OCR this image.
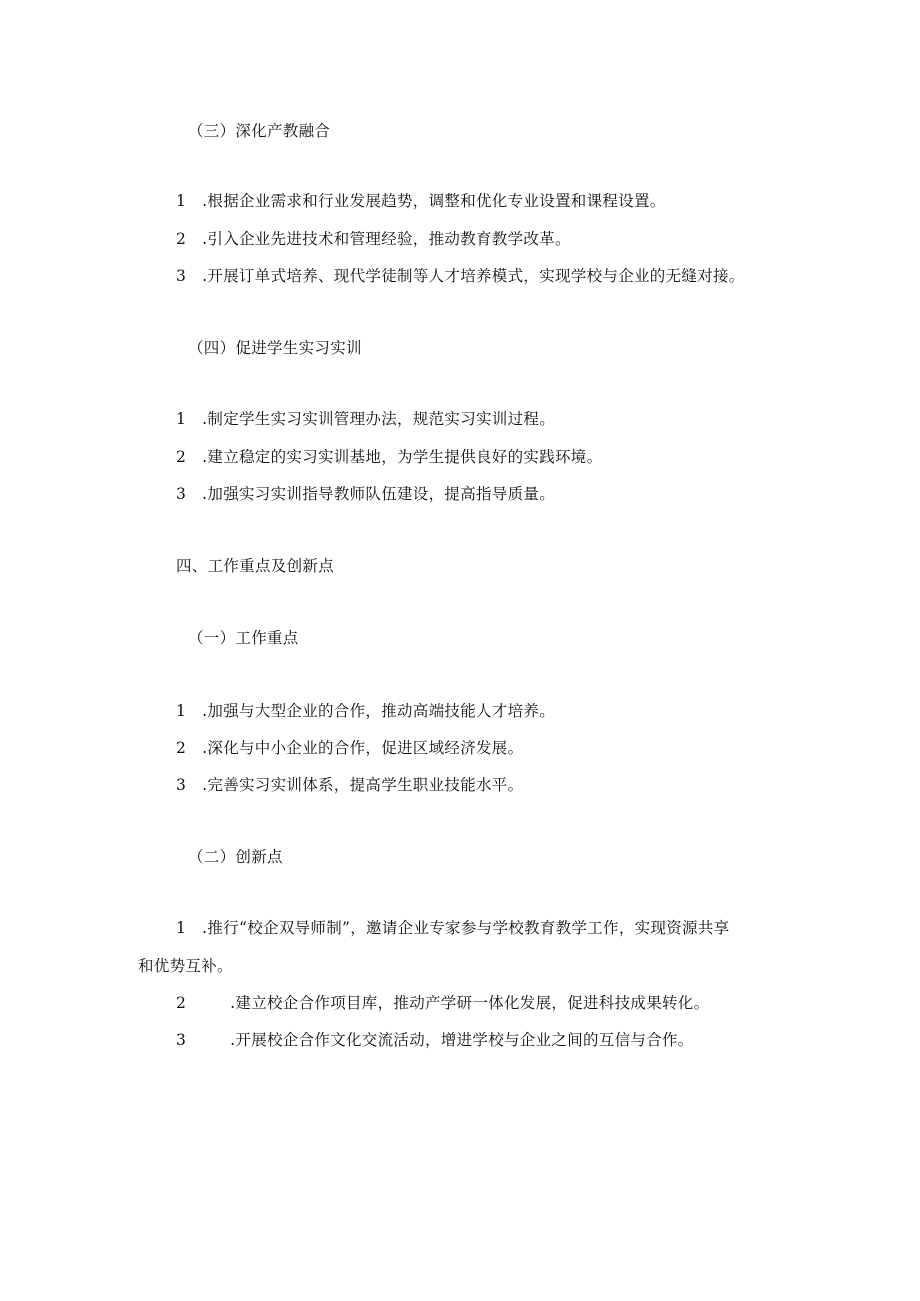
（三）深化产教融合
1 .根据企业需求和行业发展趋势，调整和优化专业设置和课程设置。
2 .引入企业先进技术和管理经验，推动教育教学改革。
3 .开展订单式培养、现代学徒制等人才培养模式，实现学校与企业的无缝对接。
（四）促进学生实习实训
1 .制定学生实习实训管理办法，规范实习实训过程。
2 .建立稳定的实习实训基地，为学生提供良好的实践环境。
3 .加强实习实训指导教师队伍建设，提高指导质量。
四、工作重点及创新点
（一）工作重点
1 .加强与大型企业的合作，推动高端技能人才培养。
2 .深化与中小企业的合作，促进区域经济发展。
3 .完善实习实训体系，提高学生职业技能水平。
（二）创新点
1 .推行“校企双导师制”，邀请企业专家参与学校教育教学工作，实现资源共享
和优势互补。
2	.建立校企合作项目库，推动产学研一体化发展，促进科技成果转化。
3	.开展校企合作文化交流活动，增进学校与企业之间的互信与合作。
